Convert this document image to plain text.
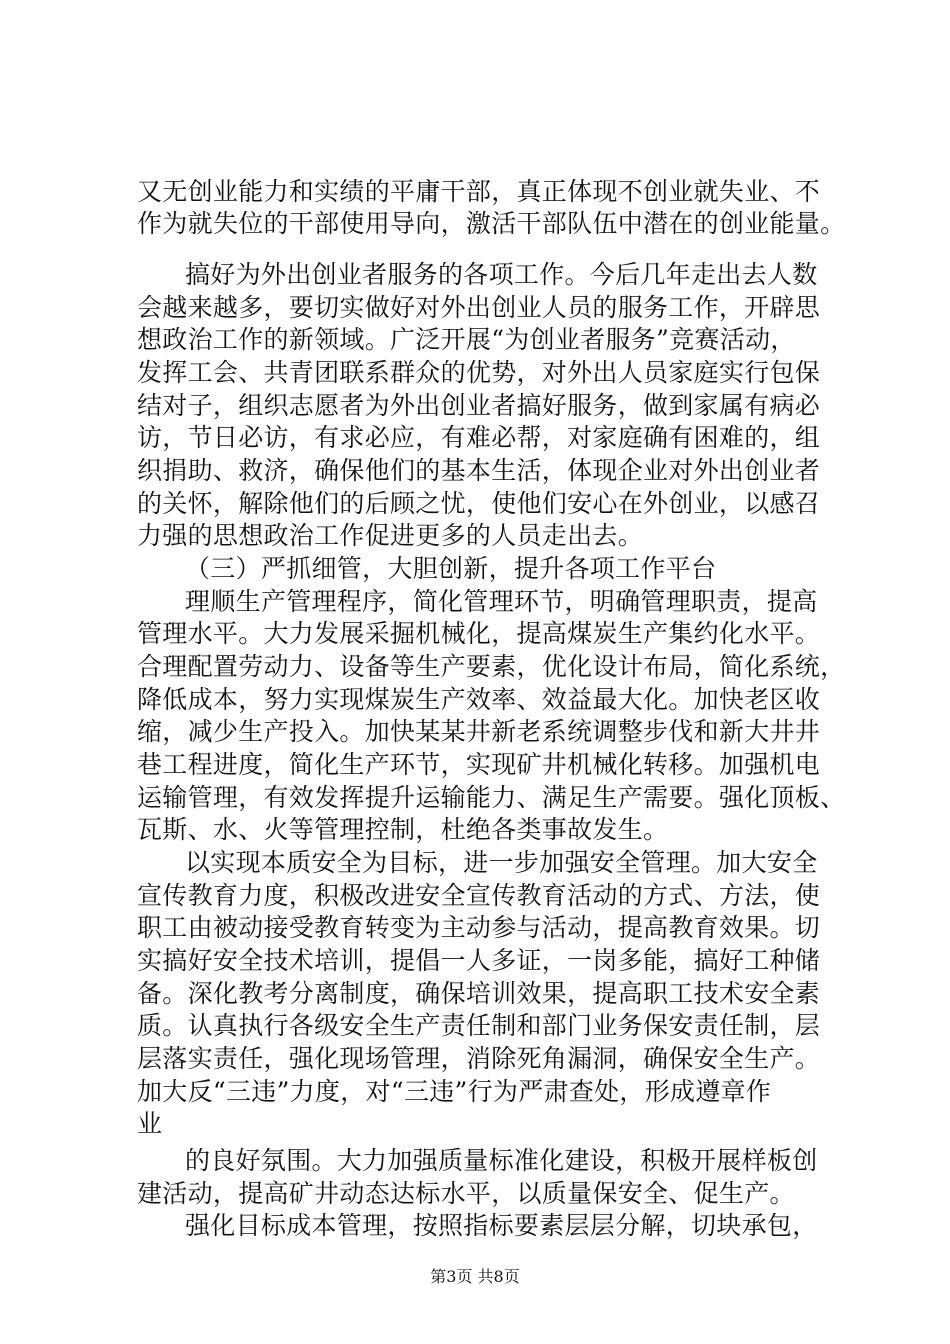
又无创业能力和实绩的平庸干部，真正体现不创业就失业、不
作为就失位的干部使用导向，激活干部队伍中潜在的创业能量。
搞好为外出创业者服务的各项工作。今后几年走出去人数
会越来越多，要切实做好对外出创业人员的服务工作，开辟思
想政治工作的新领域。广泛开展“为创业者服务”竞赛活动，
发挥工会、共青团联系群众的优势，对外出人员家庭实行包保
结对子，组织志愿者为外出创业者搞好服务，做到家属有病必
访，节日必访，有求必应，有难必帮，对家庭确有困难的，组
织捐助、救济，确保他们的基本生活，体现企业对外出创业者
的关怀，解除他们的后顾之忧，使他们安心在外创业，以感召
力强的思想政治工作促进更多的人员走出去。
（三）严抓细管，大胆创新，提升各项工作平台
理顺生产管理程序，简化管理环节，明确管理职责，提高
管理水平。大力发展采掘机械化，提高煤炭生产集约化水平。
合理配置劳动力、设备等生产要素，优化设计布局，简化系统，
降低成本，努力实现煤炭生产效率、效益最大化。加快老区收
缩，减少生产投入。加快某某井新老系统调整步伐和新大井井
巷工程进度，简化生产环节，实现矿井机械化转移。加强机电
运输管理，有效发挥提升运输能力、满足生产需要。强化顶板、
瓦斯、水、火等管理控制，杜绝各类事故发生。
以实现本质安全为目标，进一步加强安全管理。加大安全
宣传教育力度，积极改进安全宣传教育活动的方式、方法，使
职工由被动接受教育转变为主动参与活动，提高教育效果。切
实搞好安全技术培训，提倡一人多证，一岗多能，搞好工种储
备。深化教考分离制度，确保培训效果，提高职工技术安全素
质。认真执行各级安全生产责任制和部门业务保安责任制，层
层落实责任，强化现场管理，消除死角漏洞，确保安全生产。
加大反“三违”力度，对“三违”行为严肃查处，形成遵章作
业
的良好氛围。大力加强质量标准化建设，积极开展样板创
建活动，提高矿井动态达标水平，以质量保安全、促生产。
强化目标成本管理，按照指标要素层层分解，切块承包，
第3页 共8页
